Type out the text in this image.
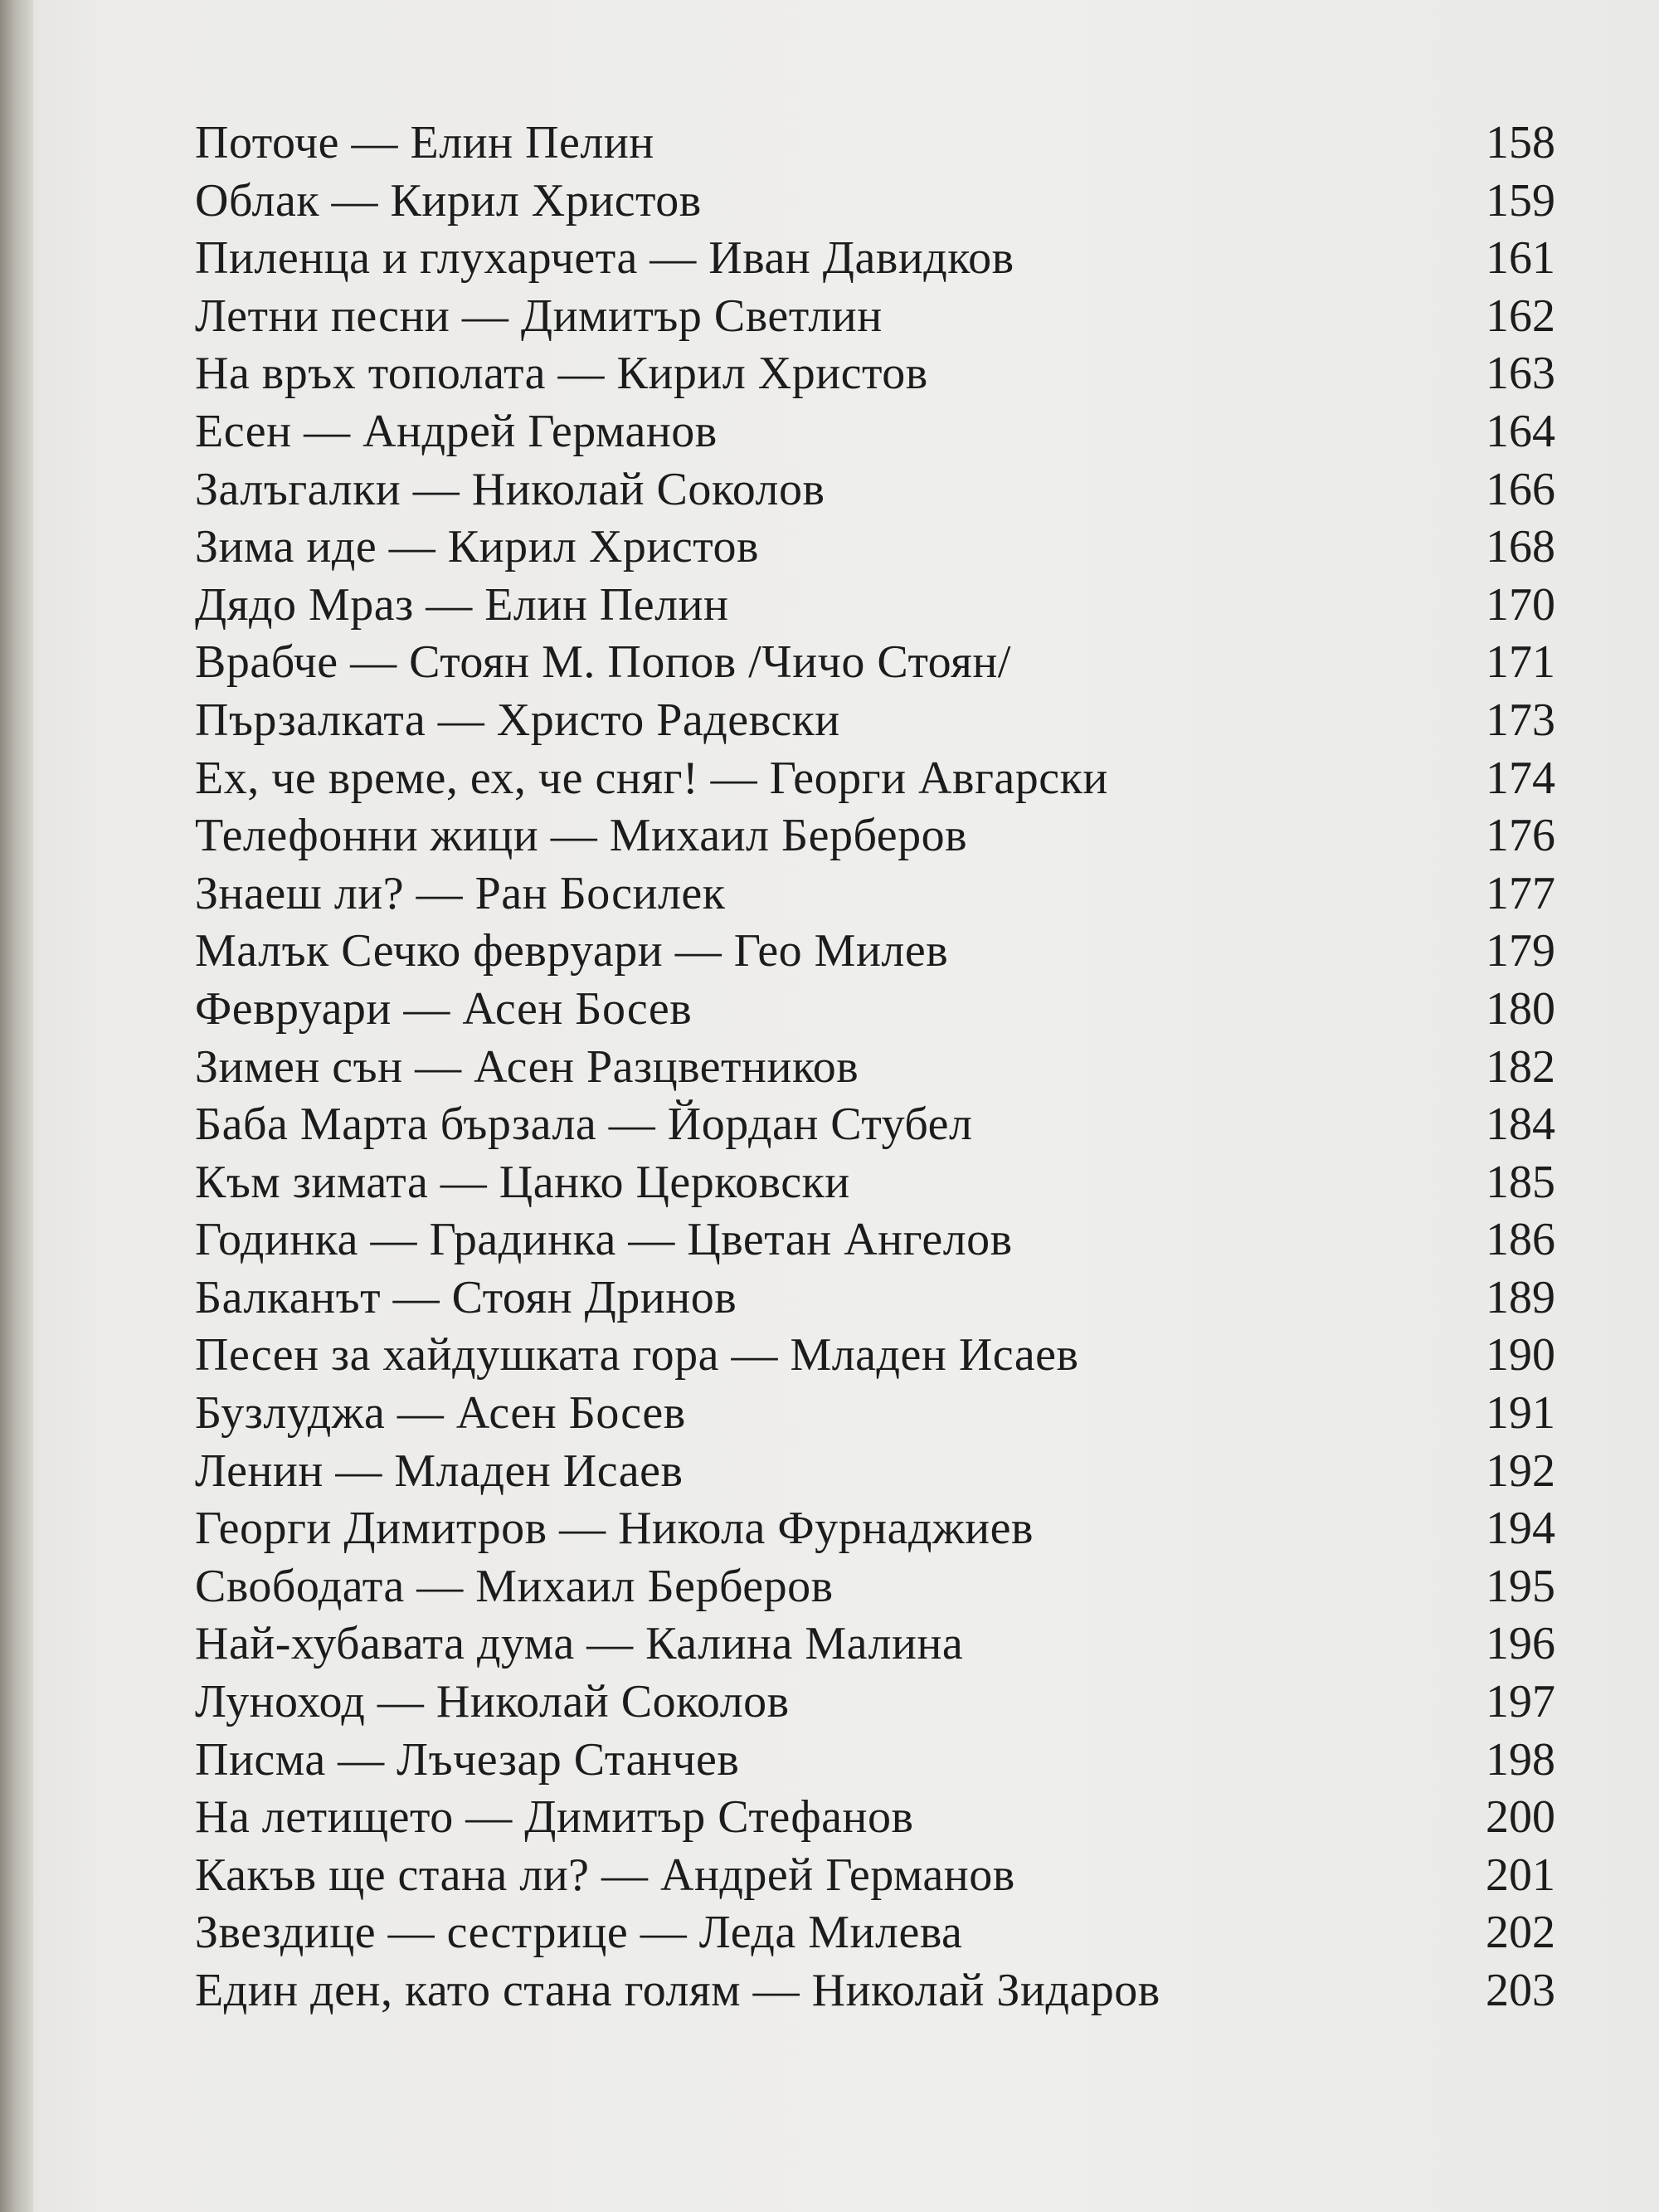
Поточе — Елин Пелин	158
Облак — Кирил Христов	159
Пиленца и глухарчета — Иван Давидков	161
Летни песни — Димитър Светлин	162
На връх тополата — Кирил Христов	163
Есен — Андрей Германов	164
Залъгалки — Николай Соколов	166
Зима иде — Кирил Христов	168
Дядо Мраз — Елин Пелин	170
Врабче — Стоян М. Попов /Чичо Стоян/	171
Пързалката — Христо Радевски	173
Ех, че време, ех, че сняг! — Георги Авгарски	174
Телефонни жици — Михаил Берберов	176
Знаеш ли? — Ран Босилек	177
Малък Сечко февруари — Гео Милев	179
Февруари — Асен Босев	180
Зимен сън — Асен Разцветников	182
Баба Марта бързала — Йордан Стубел	184
Към зимата — Цанко Церковски	185
Годинка — Градинка — Цветан Ангелов	186
Балканът — Стоян Дринов	189
Песен за хайдушката гора — Младен Исаев	190
Бузлуджа — Асен Босев	191
Ленин — Младен Исаев	192
Георги Димитров — Никола Фурнаджиев	194
Свободата — Михаил Берберов	195
Най-хубавата дума — Калина Малина	196
Луноход — Николай Соколов	197
Писма — Лъчезар Станчев	198
На летището — Димитър Стефанов	200
Какъв ще стана ли? — Андрей Германов	201
Звездице — сестрице — Леда Милева	202
Един ден, като стана голям — Николай Зидаров	203
